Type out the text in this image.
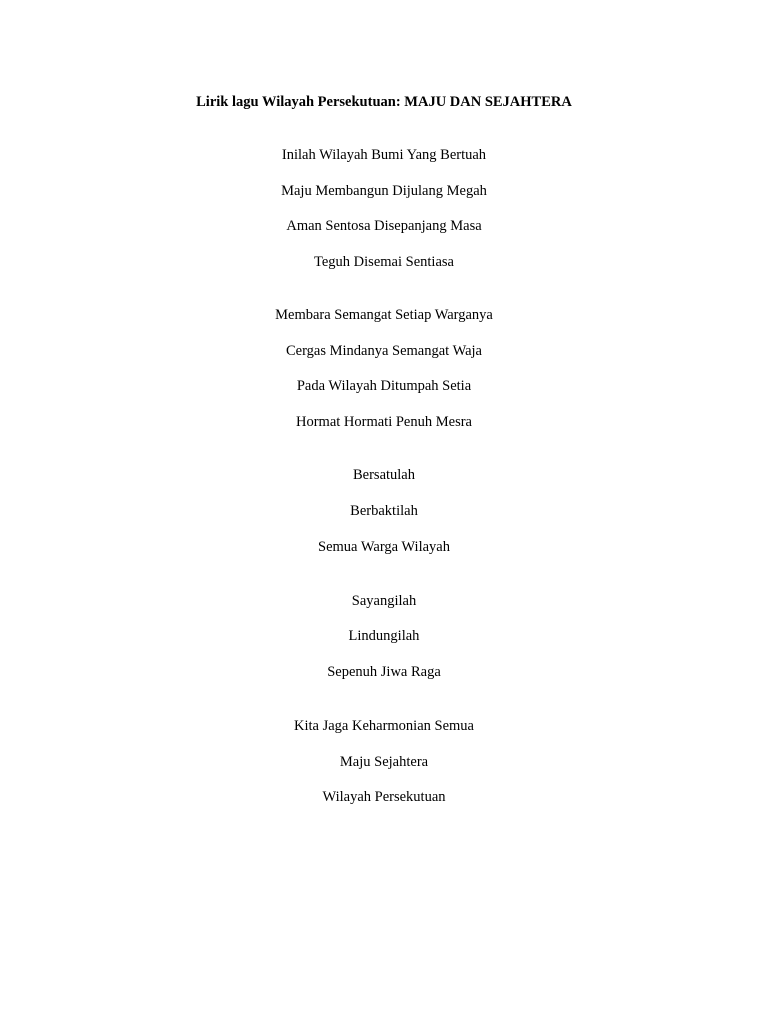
Lirik lagu Wilayah Persekutuan: MAJU DAN SEJAHTERA
Inilah Wilayah Bumi Yang Bertuah
Maju Membangun Dijulang Megah
Aman Sentosa Disepanjang Masa
Teguh Disemai Sentiasa
Membara Semangat Setiap Warganya
Cergas Mindanya Semangat Waja
Pada Wilayah Ditumpah Setia
Hormat Hormati Penuh Mesra
Bersatulah
Berbaktilah
Semua Warga Wilayah
Sayangilah
Lindungilah
Sepenuh Jiwa Raga
Kita Jaga Keharmonian Semua
Maju Sejahtera
Wilayah Persekutuan
